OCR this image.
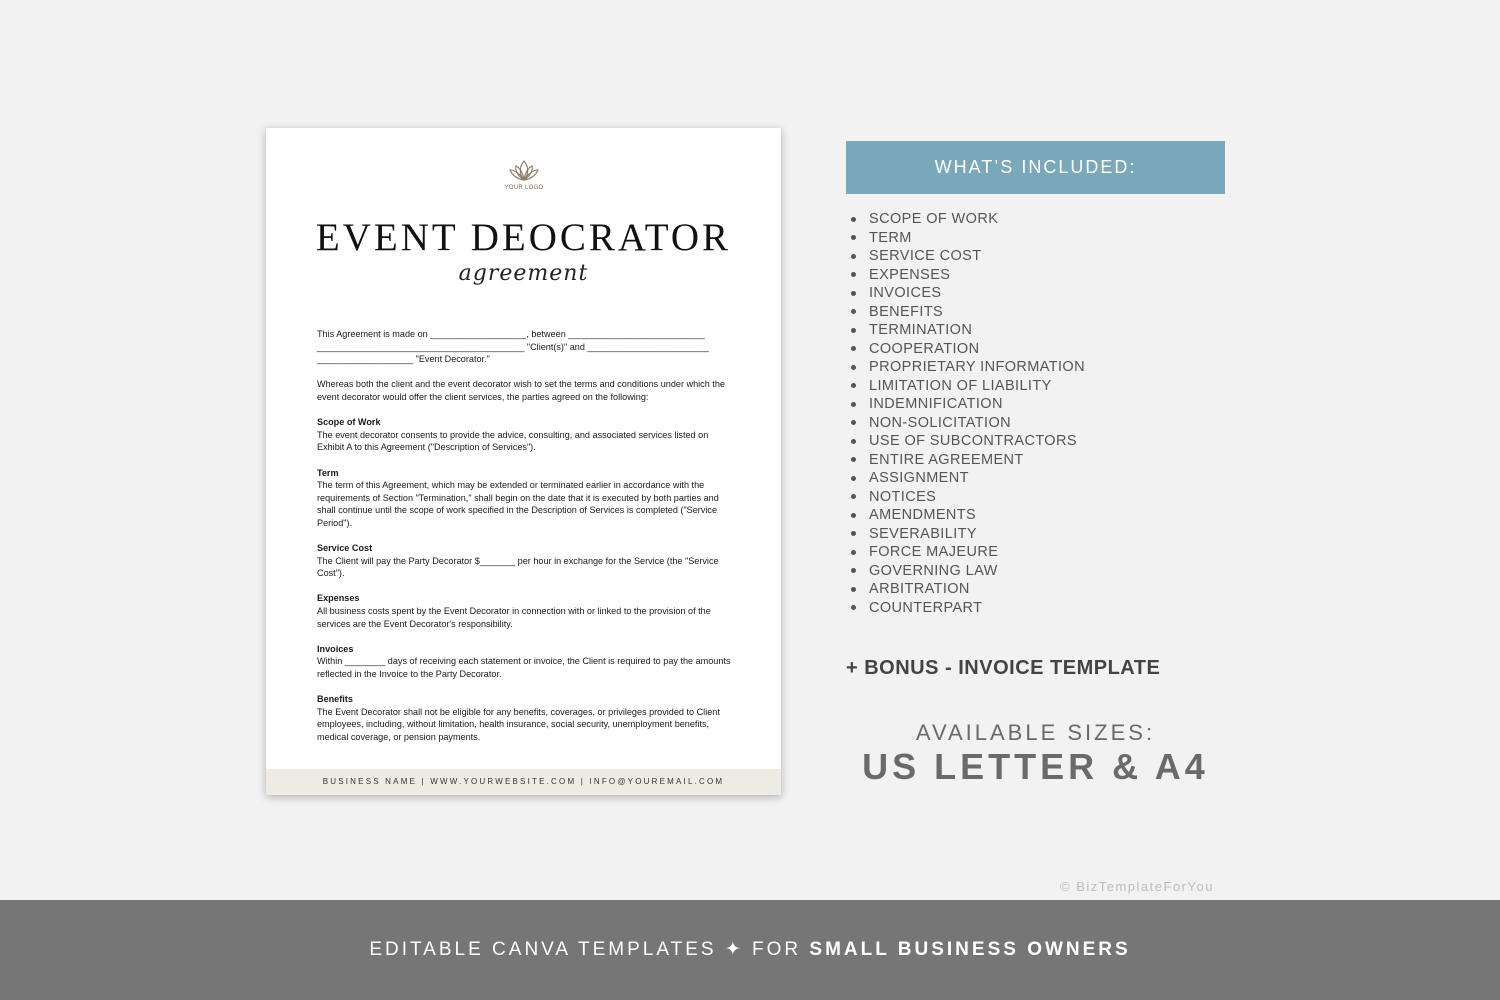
YOUR LOGO
EVENT DEOCRATOR
agreement

This Agreement is made on ___________________, between ___________________________
_________________________________________ "Client(s)" and ________________________
___________________ "Event Decorator."

Whereas both the client and the event decorator wish to set the terms and conditions under which the event decorator would offer the client services, the parties agreed on the following:

Scope of Work
The event decorator consents to provide the advice, consulting, and associated services listed on Exhibit A to this Agreement ("Description of Services").

Term
The term of this Agreement, which may be extended or terminated earlier in accordance with the requirements of Section "Termination," shall begin on the date that it is executed by both parties and shall continue until the scope of work specified in the Description of Services is completed ("Service Period").

Service Cost
The Client will pay the Party Decorator $_______ per hour in exchange for the Service (the "Service Cost").

Expenses
All business costs spent by the Event Decorator in connection with or linked to the provision of the services are the Event Decorator's responsibility.

Invoices
Within ________ days of receiving each statement or invoice, the Client is required to pay the amounts reflected in the Invoice to the Party Decorator.

Benefits
The Event Decorator shall not be eligible for any benefits, coverages, or privileges provided to Client employees, including, without limitation, health insurance, social security, unemployment benefits, medical coverage, or pension payments.

BUSINESS NAME | WWW.YOURWEBSITE.COM | INFO@YOUREMAIL.COM
WHAT’S INCLUDED:
SCOPE OF WORK
TERM
SERVICE COST
EXPENSES
INVOICES
BENEFITS
TERMINATION
COOPERATION
PROPRIETARY INFORMATION
LIMITATION OF LIABILITY
INDEMNIFICATION
NON-SOLICITATION
USE OF SUBCONTRACTORS
ENTIRE AGREEMENT
ASSIGNMENT
NOTICES
AMENDMENTS
SEVERABILITY
FORCE MAJEURE
GOVERNING LAW
ARBITRATION
COUNTERPART
+ BONUS - INVOICE TEMPLATE
AVAILABLE SIZES:
US LETTER & A4
© BizTemplateForYou
EDITABLE CANVA TEMPLATES ✦ FOR SMALL BUSINESS OWNERS
